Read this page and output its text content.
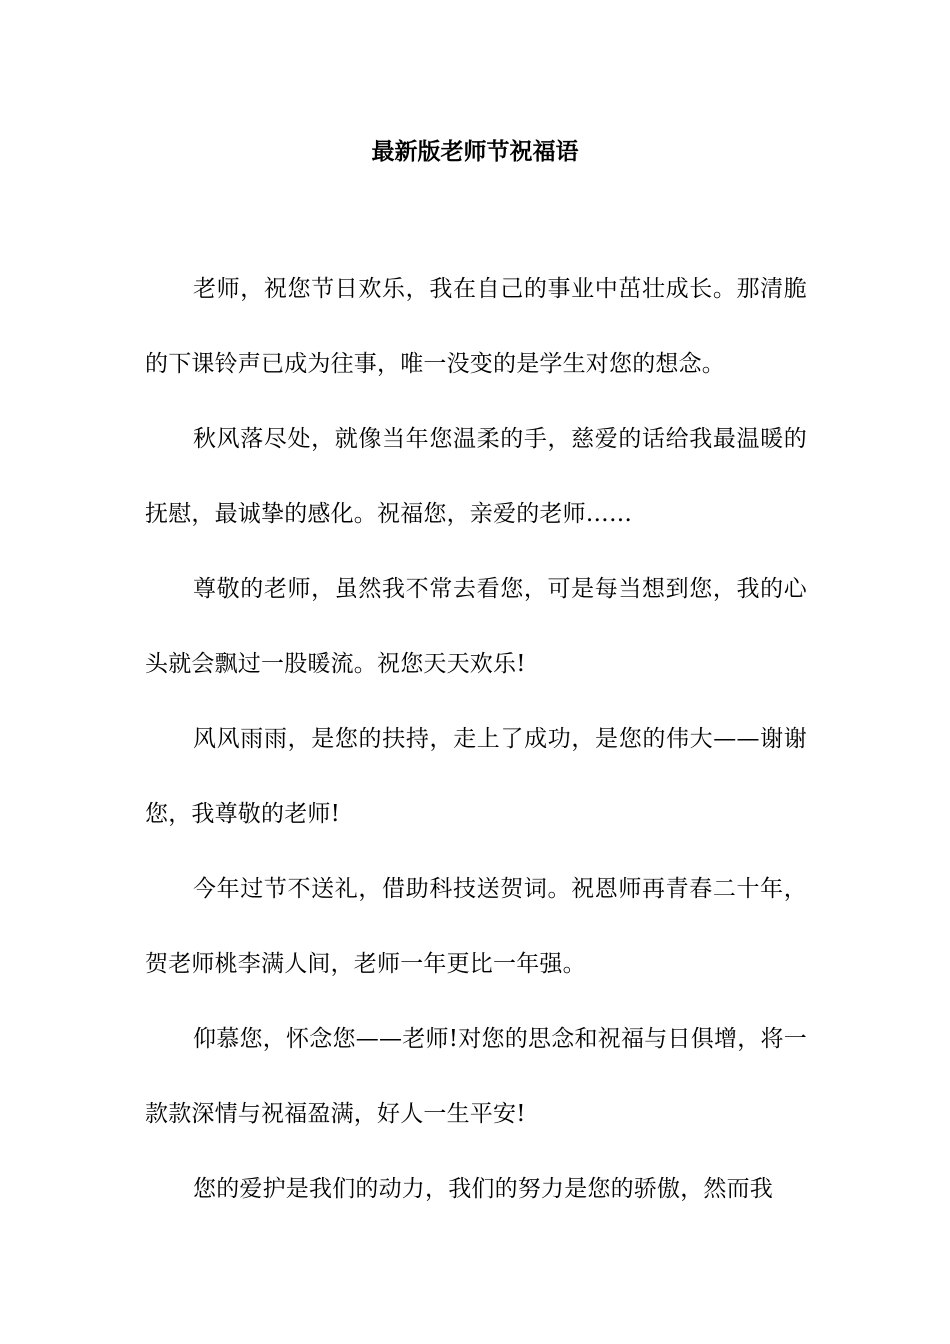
最新版老师节祝福语

老师，祝您节日欢乐，我在自己的事业中茁壮成长。那清脆的下课铃声已成为往事，唯一没变的是学生对您的想念。

秋风落尽处，就像当年您温柔的手，慈爱的话给我最温暖的抚慰，最诚挚的感化。祝福您，亲爱的老师……

尊敬的老师，虽然我不常去看您，可是每当想到您，我的心头就会飘过一股暖流。祝您天天欢乐!

风风雨雨，是您的扶持，走上了成功，是您的伟大——谢谢您，我尊敬的老师!

今年过节不送礼，借助科技送贺词。祝恩师再青春二十年，贺老师桃李满人间，老师一年更比一年强。

仰慕您，怀念您——老师!对您的思念和祝福与日俱增，将一款款深情与祝福盈满，好人一生平安!

您的爱护是我们的动力，我们的努力是您的骄傲，然而我
